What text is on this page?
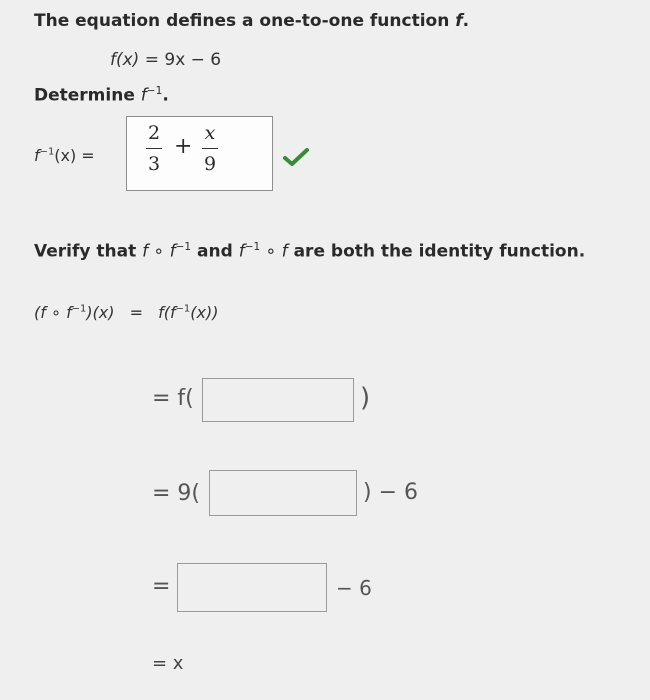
The equation defines a one-to-one function f.
f(x) = 9x − 6
Determine $f^{-1}$.
$f^{-1}(x)$ =
2
3
+
x
9
Verify that f ∘ $f^{-1}$ and $f^{-1}$ ∘ f are both the identity function.
(f ∘ $f^{-1})(x) = f(f^{-1}(x))$
= f(	)
= 9(	) − 6
=	− 6
= x
